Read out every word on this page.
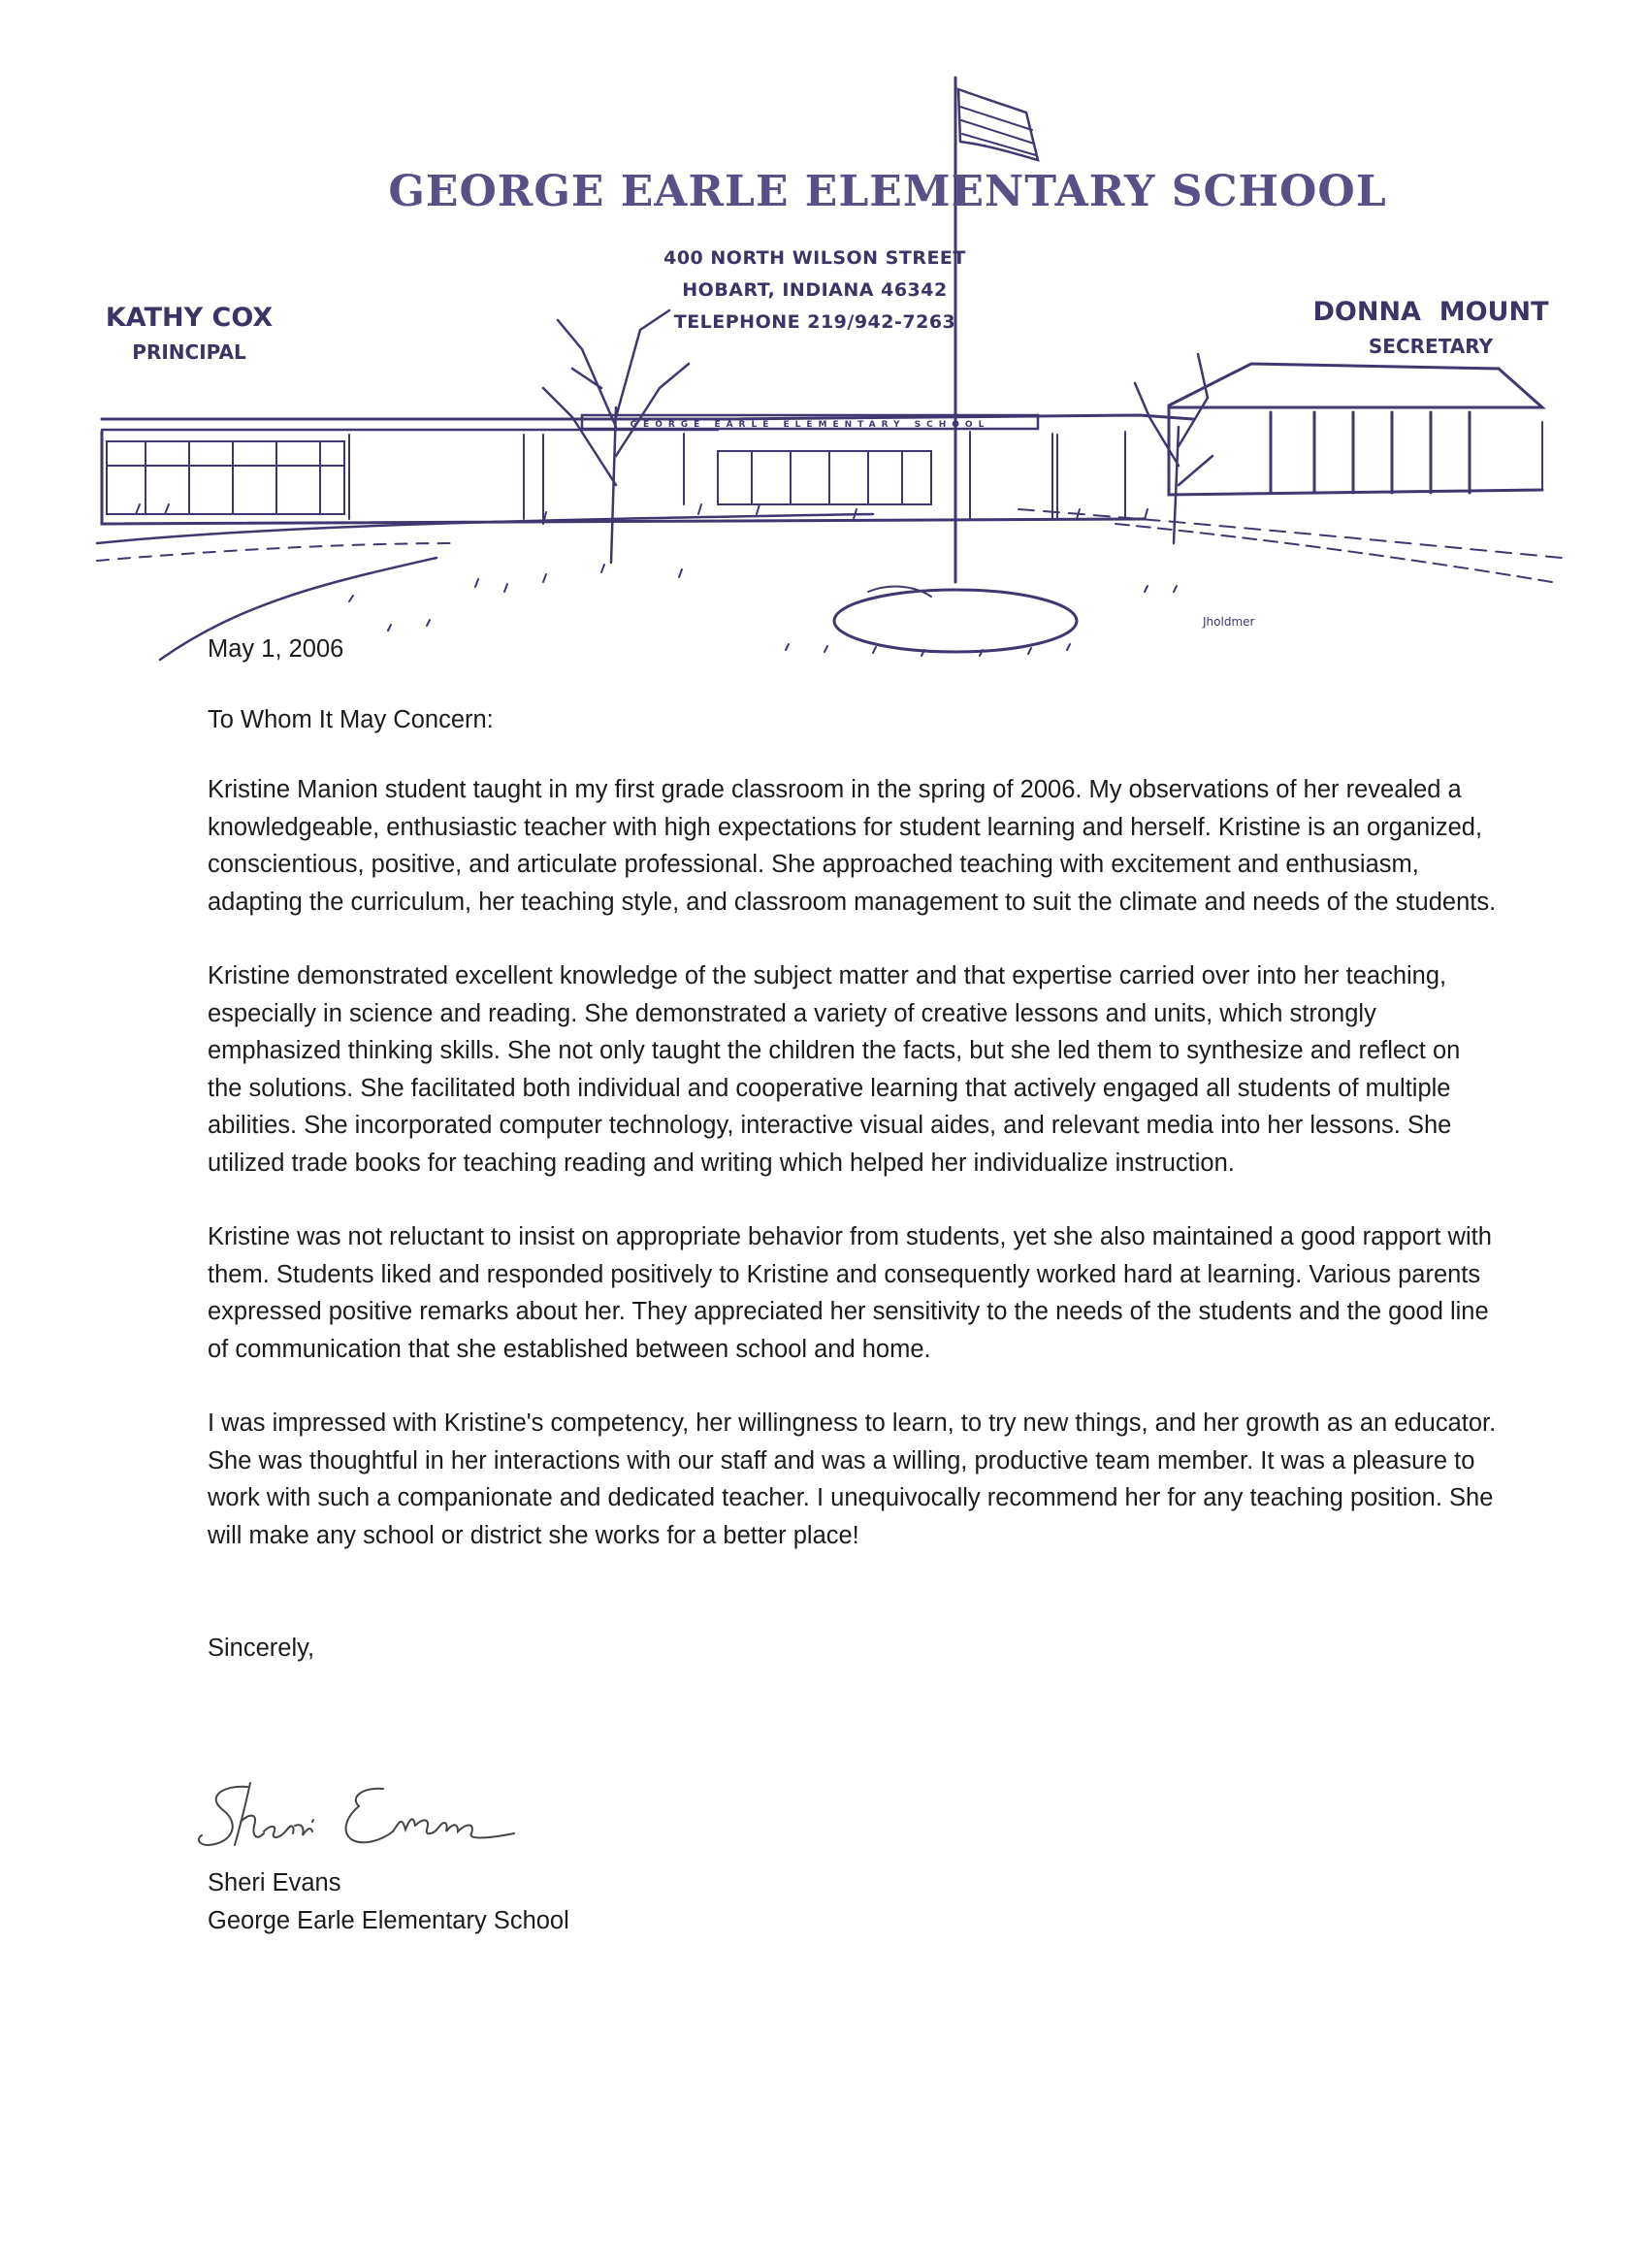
GEORGE EARLE ELEMENTARY SCHOOL
Jholdmer
GEORGE EARLE ELEMENTARY SCHOOL
400 NORTH WILSON STREET
HOBART, INDIANA 46342
TELEPHONE 219/942-7263
KATHY COX
PRINCIPAL
DONNA  MOUNT
SECRETARY
May 1, 2006
To Whom It May Concern:
Kristine Manion student taught in my first grade classroom in the spring of 2006. My observations of her revealed a knowledgeable, enthusiastic teacher with high expectations for student learning and herself. Kristine is an organized, conscientious, positive, and articulate professional. She approached teaching with excitement and enthusiasm, adapting the curriculum, her teaching style, and classroom management to suit the climate and needs of the students.
Kristine demonstrated excellent knowledge of the subject matter and that expertise carried over into her teaching, especially in science and reading. She demonstrated a variety of creative lessons and units, which strongly emphasized thinking skills. She not only taught the children the facts, but she led them to synthesize and reflect on the solutions. She facilitated both individual and cooperative learning that actively engaged all students of multiple abilities. She incorporated computer technology, interactive visual aides, and relevant media into her lessons. She utilized trade books for teaching reading and writing which helped her individualize instruction.
Kristine was not reluctant to insist on appropriate behavior from students, yet she also maintained a good rapport with them. Students liked and responded positively to Kristine and consequently worked hard at learning. Various parents expressed positive remarks about her. They appreciated her sensitivity to the needs of the students and the good line of communication that she established between school and home.
I was impressed with Kristine's competency, her willingness to learn, to try new things, and her growth as an educator. She was thoughtful in her interactions with our staff and was a willing, productive team member. It was a pleasure to work with such a companionate and dedicated teacher. I unequivocally recommend her for any teaching position. She will make any school or district she works for a better place!
Sincerely,
Sheri Evans
George Earle Elementary School
